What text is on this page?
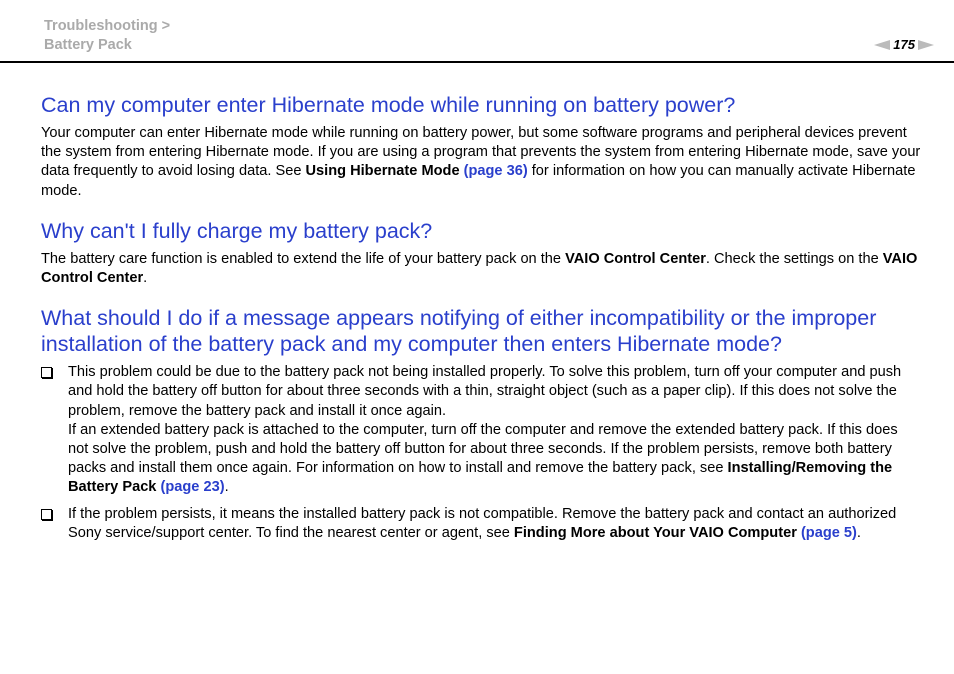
Troubleshooting >
Battery Pack	175
Can my computer enter Hibernate mode while running on battery power?

Your computer can enter Hibernate mode while running on battery power, but some software programs and peripheral devices prevent the system from entering Hibernate mode. If you are using a program that prevents the system from entering Hibernate mode, save your data frequently to avoid losing data. See Using Hibernate Mode (page 36) for information on how you can manually activate Hibernate mode.

Why can't I fully charge my battery pack?

The battery care function is enabled to extend the life of your battery pack on the VAIO Control Center. Check the settings on the VAIO Control Center.

What should I do if a message appears notifying of either incompatibility or the improper installation of the battery pack and my computer then enters Hibernate mode?
This problem could be due to the battery pack not being installed properly. To solve this problem, turn off your computer and push and hold the battery off button for about three seconds with a thin, straight object (such as a paper clip). If this does not solve the problem, remove the battery pack and install it once again.
If an extended battery pack is attached to the computer, turn off the computer and remove the extended battery pack. If this does not solve the problem, push and hold the battery off button for about three seconds. If the problem persists, remove both battery packs and install them once again. For information on how to install and remove the battery pack, see Installing/Removing the Battery Pack (page 23).
If the problem persists, it means the installed battery pack is not compatible. Remove the battery pack and contact an authorized Sony service/support center. To find the nearest center or agent, see Finding More about Your VAIO Computer (page 5).
